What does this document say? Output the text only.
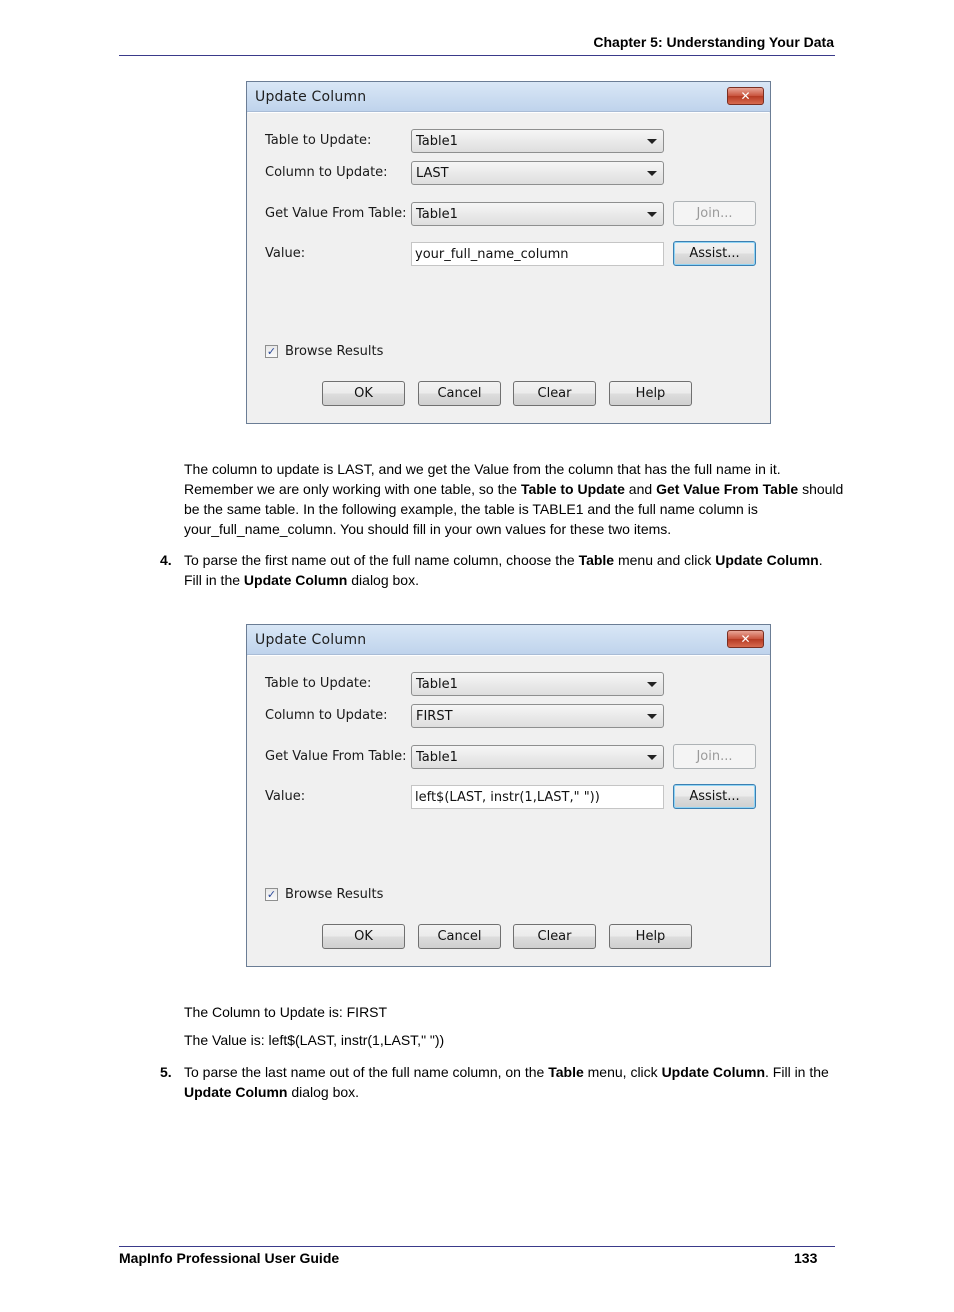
Chapter 5: Understanding Your Data
Update Column	✕
Table to Update:	Table1
Column to Update: LAST
Get Value From Table: Table1	Join...
Value:	your_full_name_column	Assist...
✓ Browse Results
OK	Cancel	Clear	Help
The column to update is LAST, and we get the Value from the column that has the full name in it. Remember we are only working with one table, so the Table to Update and Get Value From Table should be the same table. In the following example, the table is TABLE1 and the full name column is your_full_name_column. You should fill in your own values for these two items.
4. To parse the first name out of the full name column, choose the Table menu and click Update Column. Fill in the Update Column dialog box.
Update Column	✕
Table to Update:	Table1
Column to Update: FIRST
Get Value From Table: Table1	Join...
Value:	left$(LAST, instr(1,LAST," "))	Assist...
✓ Browse Results
OK	Cancel	Clear	Help
The Column to Update is: FIRST
The Value is: left$(LAST, instr(1,LAST," "))
5. To parse the last name out of the full name column, on the Table menu, click Update Column. Fill in the Update Column dialog box.
MapInfo Professional User Guide	133
